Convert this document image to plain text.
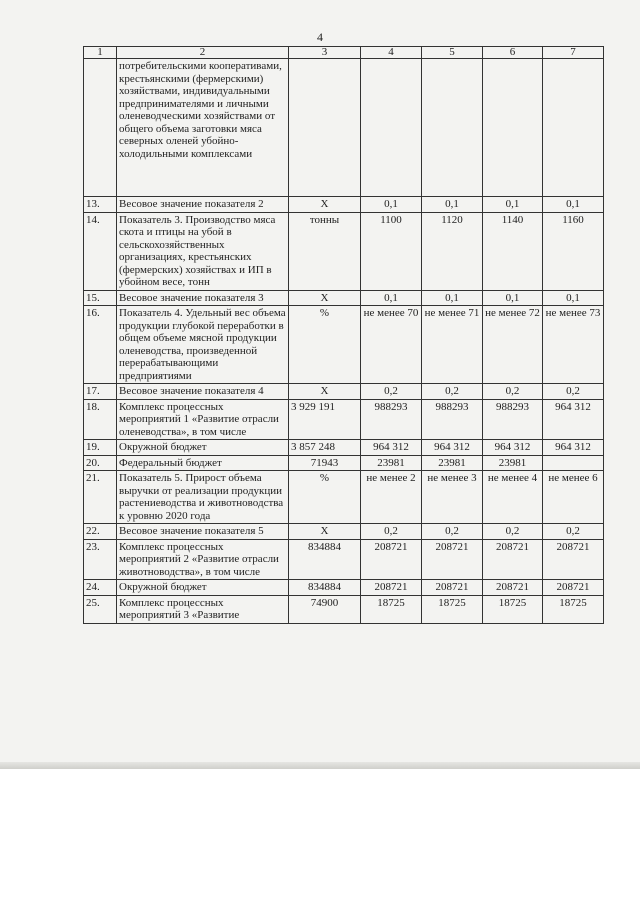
4
1	2	3	4	5	6	7
	потребительскими кооперативами, крестьянскими (фермерскими) хозяйствами, индивидуальными предпринимателями и личными оленеводческими хозяйствами от общего объема заготовки мяса северных оленей убойно-холодильными комплексами					
13.	Весовое значение показателя 2	X	0,1	0,1	0,1	0,1
14.	Показатель 3. Производство мяса скота и птицы на убой в сельскохозяйственных организациях, крестьянских (фермерских) хозяйствах и ИП в убойном весе, тонн	тонны	1100	1120	1140	1160
15.	Весовое значение показателя 3	X	0,1	0,1	0,1	0,1
16.	Показатель 4. Удельный вес объема продукции глубокой переработки в общем объеме мясной продукции оленеводства, произведенной перерабатывающими предприятиями	%	не менее 70	не менее 71	не менее 72	не менее 73
17.	Весовое значение показателя 4	X	0,2	0,2	0,2	0,2
18.	Комплекс процессных мероприятий 1 «Развитие отрасли оленеводства», в том числе	3 929 191	988293	988293	988293	964 312
19.	Окружной бюджет	3 857 248	964 312	964 312	964 312	964 312
20.	Федеральный бюджет	71943	23981	23981	23981	
21.	Показатель 5. Прирост объема выручки от реализации продукции растениеводства и животноводства к уровню 2020 года	%	не менее 2	не менее 3	не менее 4	не менее 6
22.	Весовое значение показателя 5	X	0,2	0,2	0,2	0,2
23.	Комплекс процессных мероприятий 2 «Развитие отрасли животноводства», в том числе	834884	208721	208721	208721	208721
24.	Окружной бюджет	834884	208721	208721	208721	208721
25.	Комплекс процессных мероприятий 3 «Развитие	74900	18725	18725	18725	18725
